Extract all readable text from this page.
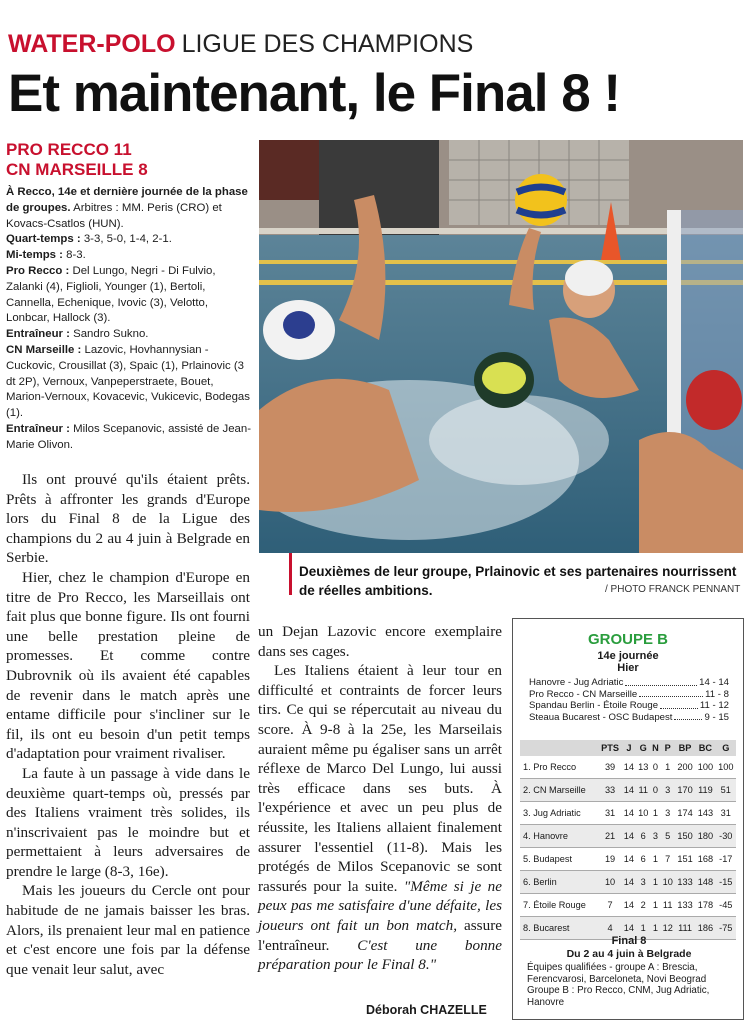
WATER-POLO LIGUE DES CHAMPIONS
Et maintenant, le Final 8 !
PRO RECCO 11
CN MARSEILLE 8

À Recco, 14e et dernière journée de la phase de groupes. Arbitres : MM. Peris (CRO) et Kovacs-Csatlos (HUN).

Quart-temps : 3-3, 5-0, 1-4, 2-1.

Mi-temps : 8-3.

Pro Recco : Del Lungo, Negri - Di Fulvio, Zalanki (4), Figlioli, Younger (1), Bertoli, Cannella, Echenique, Ivovic (3), Velotto, Lonbcar, Hallock (3).

Entraîneur : Sandro Sukno.

CN Marseille : Lazovic, Hovhannysian - Cuckovic, Crousillat (3), Spaic (1), Prlainovic (3 dt 2P), Vernoux, Vanpeperstraete, Bouet, Marion-Vernoux, Kovacevic, Vukicevic, Bodegas (1).

Entraîneur : Milos Scepanovic, assisté de Jean-Marie Olivon.

Deuxièmes de leur groupe, Prlainovic et ses partenaires nourrissent de réelles ambitions.	/ PHOTO FRANCK PENNANT

Ils ont prouvé qu'ils étaient prêts. Prêts à affronter les grands d'Europe lors du Final 8 de la Ligue des champions du 2 au 4 juin à Belgrade en Serbie.

Hier, chez le champion d'Europe en titre de Pro Recco, les Marseillais ont fait plus que bonne figure. Ils ont fourni une belle prestation pleine de promesses. Et comme contre Dubrovnik où ils avaient été capables de revenir dans le match après une entame difficile pour s'incliner sur le fil, ils ont eu besoin d'un petit temps d'adaptation pour vraiment rivaliser.

La faute à un passage à vide dans le deuxième quart-temps où, pressés par des Italiens vraiment très solides, ils n'inscrivaient pas le moindre but et permettaient à leurs adversaires de prendre le large (8-3, 16e).

Mais les joueurs du Cercle ont pour habitude de ne jamais baisser les bras. Alors, ils prenaient leur mal en patience et c'est encore une fois par la défense que venait leur salut, avec

un Dejan Lazovic encore exemplaire dans ses cages.

Les Italiens étaient à leur tour en difficulté et contraints de forcer leurs tirs. Ce qui se répercutait au niveau du score. À 9-8 à la 25e, les Marseilais auraient même pu égaliser sans un arrêt réflexe de Marco Del Lungo, lui aussi très efficace dans ses buts. À l'expérience et avec un peu plus de réussite, les Italiens allaient finalement assurer l'essentiel (11-8). Mais les protégés de Milos Scepanovic se sont rassurés pour la suite. "Même si je ne peux pas me satisfaire d'une défaite, les joueurs ont fait un bon match, assure l'entraîneur. C'est une bonne préparation pour le Final 8."

Déborah CHAZELLE
GROUPE B
14e journée
Hier
Hanovre - Jug Adriatic	14 - 14
Pro Recco - CN Marseille	11 - 8
Spandau Berlin - Étoile Rouge	11 - 12
Steaua Bucarest - OSC Budapest	9 - 15
	PTS	J	G	N	P	BP	BC	G
1. Pro Recco	39	14	13	0	1	200	100	100
2. CN Marseille	33	14	11	0	3	170	119	51
3. Jug Adriatic	31	14	10	1	3	174	143	31
4. Hanovre	21	14	6	3	5	150	180	-30
5. Budapest	19	14	6	1	7	151	168	-17
6. Berlin	10	14	3	1	10	133	148	-15
7. Étoile Rouge	7	14	2	1	11	133	178	-45
8. Bucarest	4	14	1	1	12	111	186	-75
Final 8
Du 2 au 4 juin à Belgrade
Équipes qualifiées - groupe A : Brescia, Ferencvarosi, Barceloneta, Novi Beograd Groupe B : Pro Recco, CNM, Jug Adriatic, Hanovre
